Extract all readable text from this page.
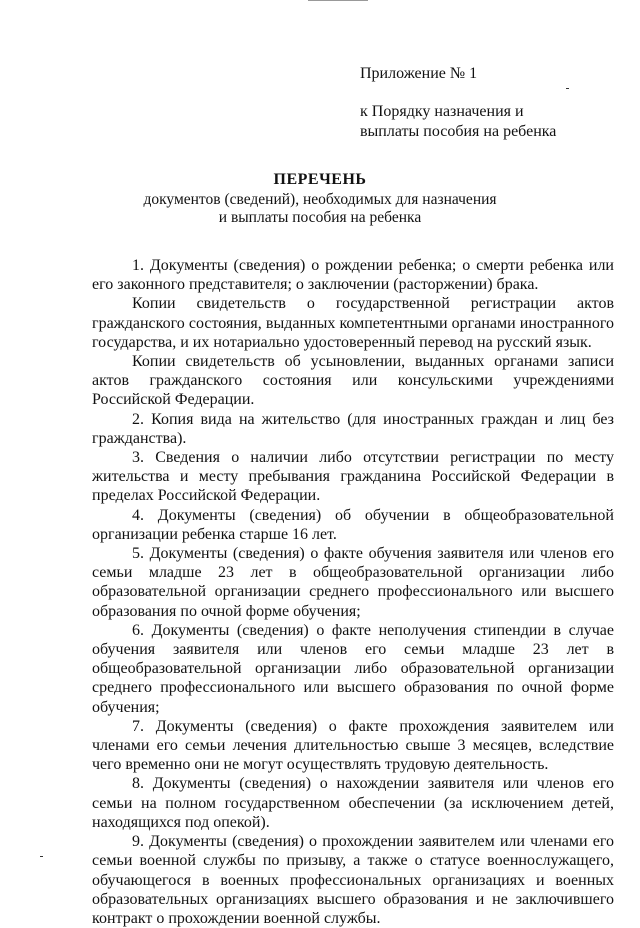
Приложение № 1
к Порядку назначения и
выплаты пособия на ребенка

ПЕРЕЧЕНЬ

документов (сведений), необходимых для назначения
и выплаты пособия на ребенка

1. Документы (сведения) о рождении ребенка; о смерти ребенка или его законного представителя; о заключении (расторжении) брака.

Копии свидетельств о государственной регистрации актов гражданского состояния, выданных компетентными органами иностранного государства, и их нотариально удостоверенный перевод на русский язык.

Копии свидетельств об усыновлении, выданных органами записи актов гражданского состояния или консульскими учреждениями Российской Федерации.

2. Копия вида на жительство (для иностранных граждан и лиц без гражданства).

3. Сведения о наличии либо отсутствии регистрации по месту жительства и месту пребывания гражданина Российской Федерации в пределах Российской Федерации.

4. Документы (сведения) об обучении в общеобразовательной организации ребенка старше 16 лет.

5. Документы (сведения) о факте обучения заявителя или членов его семьи младше 23 лет в общеобразовательной организации либо образовательной организации среднего профессионального или высшего образования по очной форме обучения;

6. Документы (сведения) о факте неполучения стипендии в случае обучения заявителя или членов его семьи младше 23 лет в общеобразовательной организации либо образовательной организации среднего профессионального или высшего образования по очной форме обучения;

7. Документы (сведения) о факте прохождения заявителем или членами его семьи лечения длительностью свыше 3 месяцев, вследствие чего временно они не могут осуществлять трудовую деятельность.

8. Документы (сведения) о нахождении заявителя или членов его семьи на полном государственном обеспечении (за исключением детей, находящихся под опекой).

9. Документы (сведения) о прохождении заявителем или членами его семьи военной службы по призыву, а также о статусе военнослужащего, обучающегося в военных профессиональных организациях и военных образовательных организациях высшего образования и не заключившего контракт о прохождении военной службы.
